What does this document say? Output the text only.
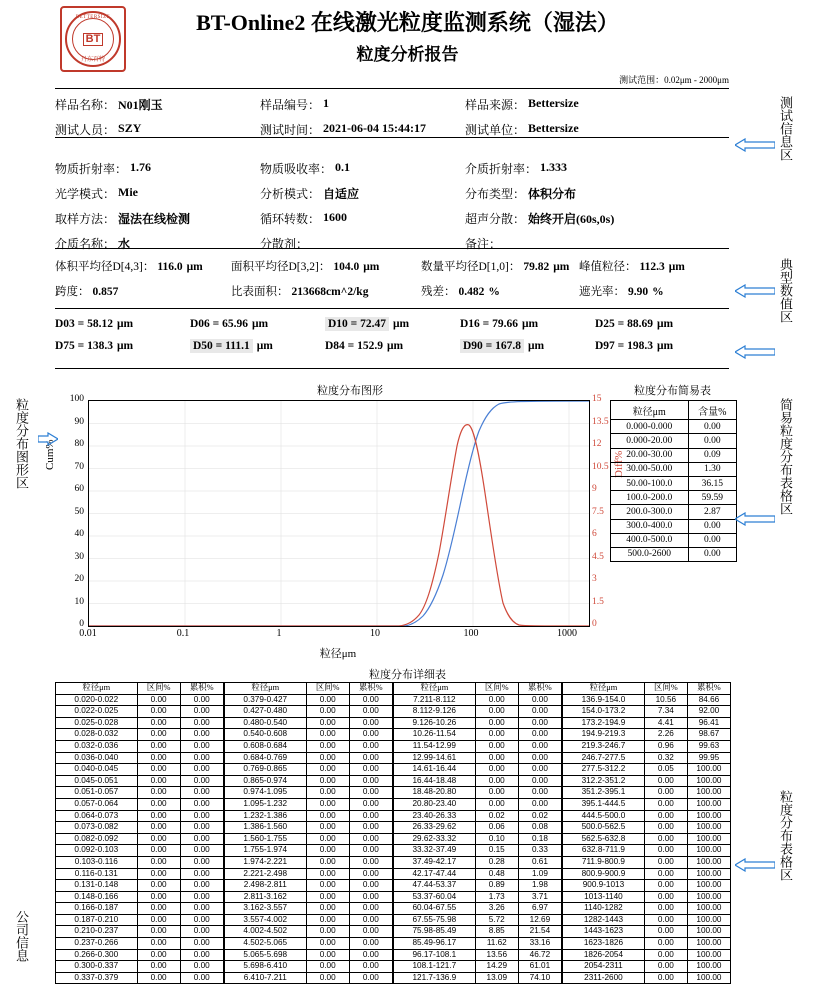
BETTERSIZE
BT
丹东百特
BT-Online2 在线激光粒度监测系统（湿法）
粒度分析报告
测试范围：0.02μm - 2000μm
样品名称： N01刚玉	样品编号： 1	样品来源： Bettersize
测试人员： SZY	测试时间： 2021-06-04 15:44:17	测试单位： Bettersize
物质折射率： 1.76	物质吸收率： 0.1	介质折射率： 1.333
光学模式： Mie	分析模式： 自适应	分布类型： 体积分布
取样方法： 湿法在线检测	循环转数： 1600	超声分散： 始终开启(60s,0s)
介质名称： 水	分散剂：	备注：
体积平均径D[4,3]： 116.0 μm	面积平均径D[3,2]： 104.0 μm	数量平均径D[1,0]： 79.82 μm 峰值粒径： 112.3 μm
跨度： 0.857	比表面积： 213668cm^2/kg	残差： 0.482 %	遮光率： 9.90 %
D03 = 58.12 μm	D06 = 65.96 μm	D10 = 72.47 μm	D16 = 79.66 μm	D25 = 88.69 μm
D75 = 138.3 μm	D50 = 111.1 μm	D84 = 152.9 μm	D90 = 167.8 μm	D97 = 198.3 μm
粒度分布图形	粒度分布简易表
Cum%	Diff%
粒径μm
100
90
80
70
60
50
40
30
20
10
0
15
13.5
12
10.5
9
7.5
6
4.5
3
1.5
0
0.01	0.1	1	10	100	1000
粒径μm	含量%
0.000-0.000	0.00
0.000-20.00	0.00
20.00-30.00	0.09
30.00-50.00	1.30
50.00-100.0	36.15
100.0-200.0	59.59
200.0-300.0	2.87
300.0-400.0	0.00
400.0-500.0	0.00
500.0-2600	0.00
粒度分布详细表
粒径μm	区间%	累积%	粒径μm	区间%	累积%	粒径μm	区间%	累积%	粒径μm	区间%	累积%
0.020-0.022	0.00	0.00	0.379-0.427	0.00	0.00	7.211-8.112	0.00	0.00	136.9-154.0	10.56	84.66
0.022-0.025	0.00	0.00	0.427-0.480	0.00	0.00	8.112-9.126	0.00	0.00	154.0-173.2	7.34	92.00
0.025-0.028	0.00	0.00	0.480-0.540	0.00	0.00	9.126-10.26	0.00	0.00	173.2-194.9	4.41	96.41
0.028-0.032	0.00	0.00	0.540-0.608	0.00	0.00	10.26-11.54	0.00	0.00	194.9-219.3	2.26	98.67
0.032-0.036	0.00	0.00	0.608-0.684	0.00	0.00	11.54-12.99	0.00	0.00	219.3-246.7	0.96	99.63
0.036-0.040	0.00	0.00	0.684-0.769	0.00	0.00	12.99-14.61	0.00	0.00	246.7-277.5	0.32	99.95
0.040-0.045	0.00	0.00	0.769-0.865	0.00	0.00	14.61-16.44	0.00	0.00	277.5-312.2	0.05	100.00
0.045-0.051	0.00	0.00	0.865-0.974	0.00	0.00	16.44-18.48	0.00	0.00	312.2-351.2	0.00	100.00
0.051-0.057	0.00	0.00	0.974-1.095	0.00	0.00	18.48-20.80	0.00	0.00	351.2-395.1	0.00	100.00
0.057-0.064	0.00	0.00	1.095-1.232	0.00	0.00	20.80-23.40	0.00	0.00	395.1-444.5	0.00	100.00
0.064-0.073	0.00	0.00	1.232-1.386	0.00	0.00	23.40-26.33	0.02	0.02	444.5-500.0	0.00	100.00
0.073-0.082	0.00	0.00	1.386-1.560	0.00	0.00	26.33-29.62	0.06	0.08	500.0-562.5	0.00	100.00
0.082-0.092	0.00	0.00	1.560-1.755	0.00	0.00	29.62-33.32	0.10	0.18	562.5-632.8	0.00	100.00
0.092-0.103	0.00	0.00	1.755-1.974	0.00	0.00	33.32-37.49	0.15	0.33	632.8-711.9	0.00	100.00
0.103-0.116	0.00	0.00	1.974-2.221	0.00	0.00	37.49-42.17	0.28	0.61	711.9-800.9	0.00	100.00
0.116-0.131	0.00	0.00	2.221-2.498	0.00	0.00	42.17-47.44	0.48	1.09	800.9-900.9	0.00	100.00
0.131-0.148	0.00	0.00	2.498-2.811	0.00	0.00	47.44-53.37	0.89	1.98	900.9-1013	0.00	100.00
0.148-0.166	0.00	0.00	2.811-3.162	0.00	0.00	53.37-60.04	1.73	3.71	1013-1140	0.00	100.00
0.166-0.187	0.00	0.00	3.162-3.557	0.00	0.00	60.04-67.55	3.26	6.97	1140-1282	0.00	100.00
0.187-0.210	0.00	0.00	3.557-4.002	0.00	0.00	67.55-75.98	5.72	12.69	1282-1443	0.00	100.00
0.210-0.237	0.00	0.00	4.002-4.502	0.00	0.00	75.98-85.49	8.85	21.54	1443-1623	0.00	100.00
0.237-0.266	0.00	0.00	4.502-5.065	0.00	0.00	85.49-96.17	11.62	33.16	1623-1826	0.00	100.00
0.266-0.300	0.00	0.00	5.065-5.698	0.00	0.00	96.17-108.1	13.56	46.72	1826-2054	0.00	100.00
0.300-0.337	0.00	0.00	5.698-6.410	0.00	0.00	108.1-121.7	14.29	61.01	2054-2311	0.00	100.00
0.337-0.379	0.00	0.00	6.410-7.211	0.00	0.00	121.7-136.9	13.09	74.10	2311-2600	0.00	100.00
测试信息区
典型数值区
粒度分布图形区	简易粒度分布表格区
粒度分布表格区
公司信息
